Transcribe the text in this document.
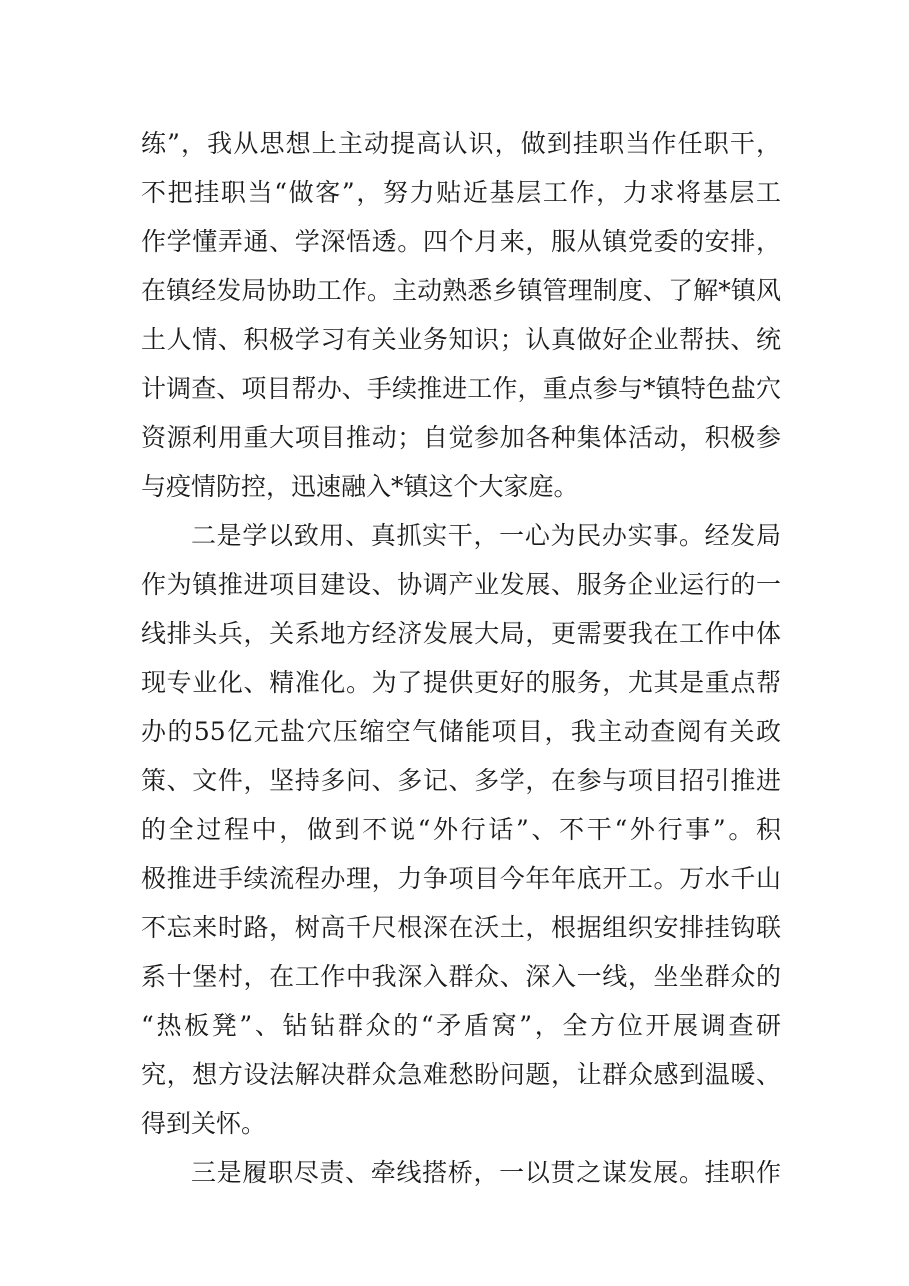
练”，我从思想上主动提高认识，做到挂职当作任职干，
不把挂职当“做客”，努力贴近基层工作，力求将基层工
作学懂弄通、学深悟透。四个月来，服从镇党委的安排，
在镇经发局协助工作。主动熟悉乡镇管理制度、了解*镇风
土人情、积极学习有关业务知识；认真做好企业帮扶、统
计调查、项目帮办、手续推进工作，重点参与*镇特色盐穴
资源利用重大项目推动；自觉参加各种集体活动，积极参
与疫情防控，迅速融入*镇这个大家庭。
二是学以致用、真抓实干，一心为民办实事。经发局
作为镇推进项目建设、协调产业发展、服务企业运行的一
线排头兵，关系地方经济发展大局，更需要我在工作中体
现专业化、精准化。为了提供更好的服务，尤其是重点帮
办的55亿元盐穴压缩空气储能项目，我主动查阅有关政
策、文件，坚持多问、多记、多学，在参与项目招引推进
的全过程中，做到不说“外行话”、不干“外行事”。积
极推进手续流程办理，力争项目今年年底开工。万水千山
不忘来时路，树高千尺根深在沃土，根据组织安排挂钩联
系十堡村，在工作中我深入群众、深入一线，坐坐群众的
“热板凳”、钻钻群众的“矛盾窝”，全方位开展调查研
究，想方设法解决群众急难愁盼问题，让群众感到温暖、
得到关怀。
三是履职尽责、牵线搭桥，一以贯之谋发展。挂职作
